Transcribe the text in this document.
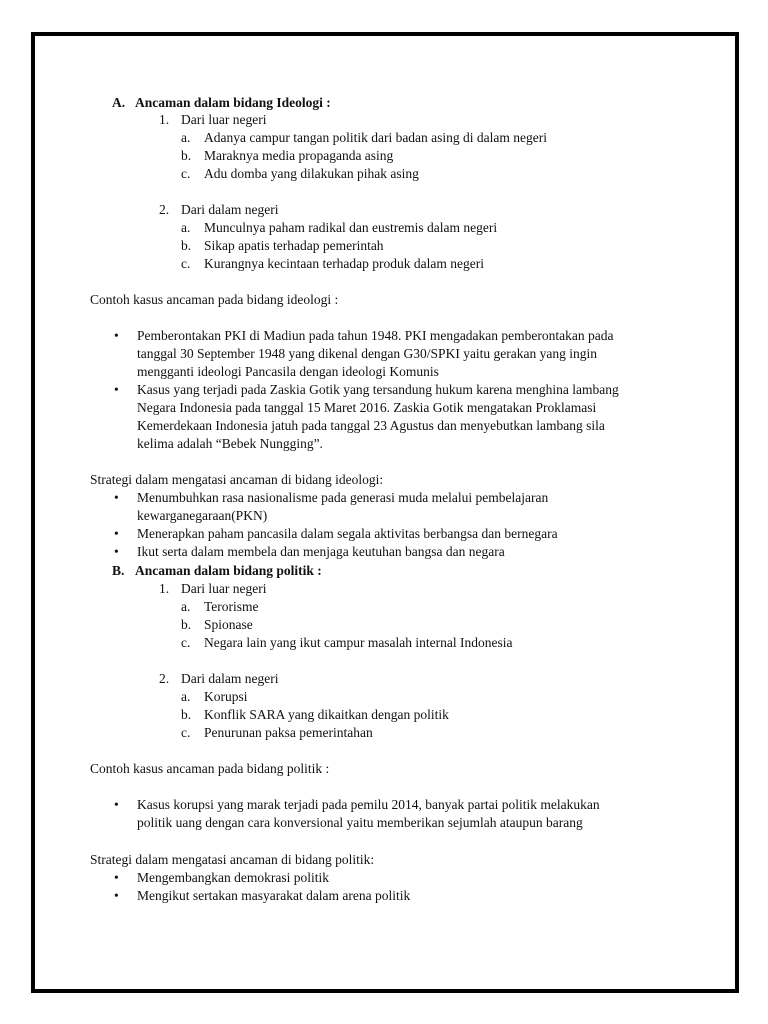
A. Ancaman dalam bidang Ideologi :
1. Dari luar negeri
a. Adanya campur tangan politik dari badan asing di dalam negeri
b. Maraknya media propaganda asing
c. Adu domba yang dilakukan pihak asing
2. Dari dalam negeri
a. Munculnya paham radikal dan eustremis dalam negeri
b. Sikap apatis terhadap pemerintah
c. Kurangnya kecintaan terhadap produk dalam negeri
Contoh kasus ancaman pada bidang ideologi :
• Pemberontakan PKI di Madiun pada tahun 1948. PKI mengadakan pemberontakan pada
tanggal 30 September 1948 yang dikenal dengan G30/SPKI yaitu gerakan yang ingin
mengganti ideologi Pancasila dengan ideologi Komunis
• Kasus yang terjadi pada Zaskia Gotik yang tersandung hukum karena menghina lambang
Negara Indonesia pada tanggal 15 Maret 2016. Zaskia Gotik mengatakan Proklamasi
Kemerdekaan Indonesia jatuh pada tanggal 23 Agustus dan menyebutkan lambang sila
kelima adalah “Bebek Nungging”.
Strategi dalam mengatasi ancaman di bidang ideologi:
• Menumbuhkan rasa nasionalisme pada generasi muda melalui pembelajaran
kewarganegaraan(PKN)
• Menerapkan paham pancasila dalam segala aktivitas berbangsa dan bernegara
• Ikut serta dalam membela dan menjaga keutuhan bangsa dan negara
B. Ancaman dalam bidang politik :
1. Dari luar negeri
a. Terorisme
b. Spionase
c. Negara lain yang ikut campur masalah internal Indonesia
2. Dari dalam negeri
a. Korupsi
b. Konflik SARA yang dikaitkan dengan politik
c. Penurunan paksa pemerintahan
Contoh kasus ancaman pada bidang politik :
• Kasus korupsi yang marak terjadi pada pemilu 2014, banyak partai politik melakukan
politik uang dengan cara konversional yaitu memberikan sejumlah ataupun barang
Strategi dalam mengatasi ancaman di bidang politik:
• Mengembangkan demokrasi politik
• Mengikut sertakan masyarakat dalam arena politik
